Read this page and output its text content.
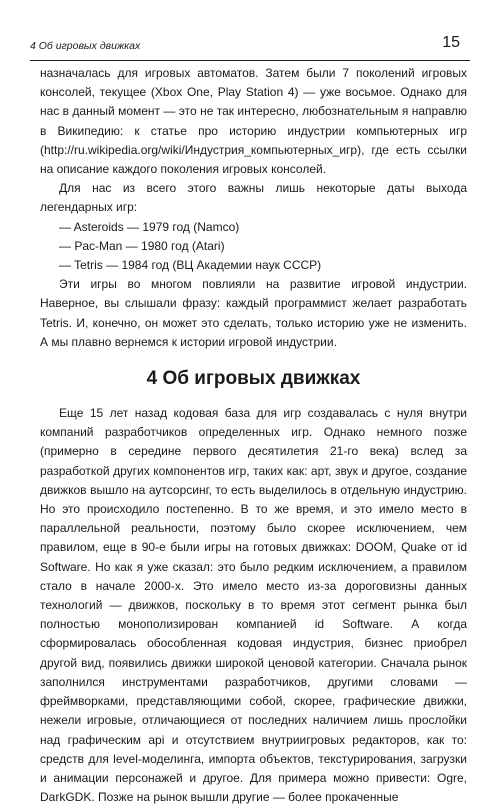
4 Об игровых движках	15

назначалась для игровых автоматов. Затем были 7 поколений игровых консолей, текущее (Xbox One, Play Station 4) — уже восьмое. Однако для нас в данный момент — это не так интересно, любознательным я направлю в Википедию: к статье про историю индустрии компьютерных игр (http://ru.wikipedia.org/wiki/Индустрия_компьютерных_игр), где есть ссылки на описание каждого поколения игровых консолей.

Для нас из всего этого важны лишь некоторые даты выхода легендарных игр:

— Asteroids — 1979 год (Namco)
— Pac-Man — 1980 год (Atari)
— Tetris — 1984 год (ВЦ Академии наук СССР)

Эти игры во многом повлияли на развитие игровой индустрии. Наверное, вы слышали фразу: каждый программист желает разработать Tetris. И, конечно, он может это сделать, только историю уже не изменить. А мы плавно вернемся к истории игровой индустрии.

4 Об игровых движках

Еще 15 лет назад кодовая база для игр создавалась с нуля внутри компаний разработчиков определенных игр. Однако немного позже (примерно в середине первого десятилетия 21-го века) вслед за разработкой других компонентов игр, таких как: арт, звук и другое, создание движков вышло на аутсорсинг, то есть выделилось в отдельную индустрию. Но это происходило постепенно. В то же время, и это имело место в параллельной реальности, поэтому было скорее исключением, чем правилом, еще в 90-е были игры на готовых движках: DOOM, Quake от id Software. Но как я уже сказал: это было редким исключением, а правилом стало в начале 2000-х. Это имело место из-за дороговизны данных технологий — движков, поскольку в то время этот сегмент рынка был полностью монополизирован компанией id Software. А когда сформировалась обособленная кодовая индустрия, бизнес приобрел другой вид, появились движки широкой ценовой категории. Сначала рынок заполнился инструментами разработчиков, другими словами — фреймворками, представляющими собой, скорее, графические движки, нежели игровые, отличающиеся от последних наличием лишь прослойки над графическим api и отсутствием внутриигровых редакторов, как то: средств для level-моделинга, импорта объектов, текстурирования, загрузки и анимации персонажей и другое. Для примера можно привести: Ogre, DarkGDK. Позже на рынок вышли другие — более прокаченные
